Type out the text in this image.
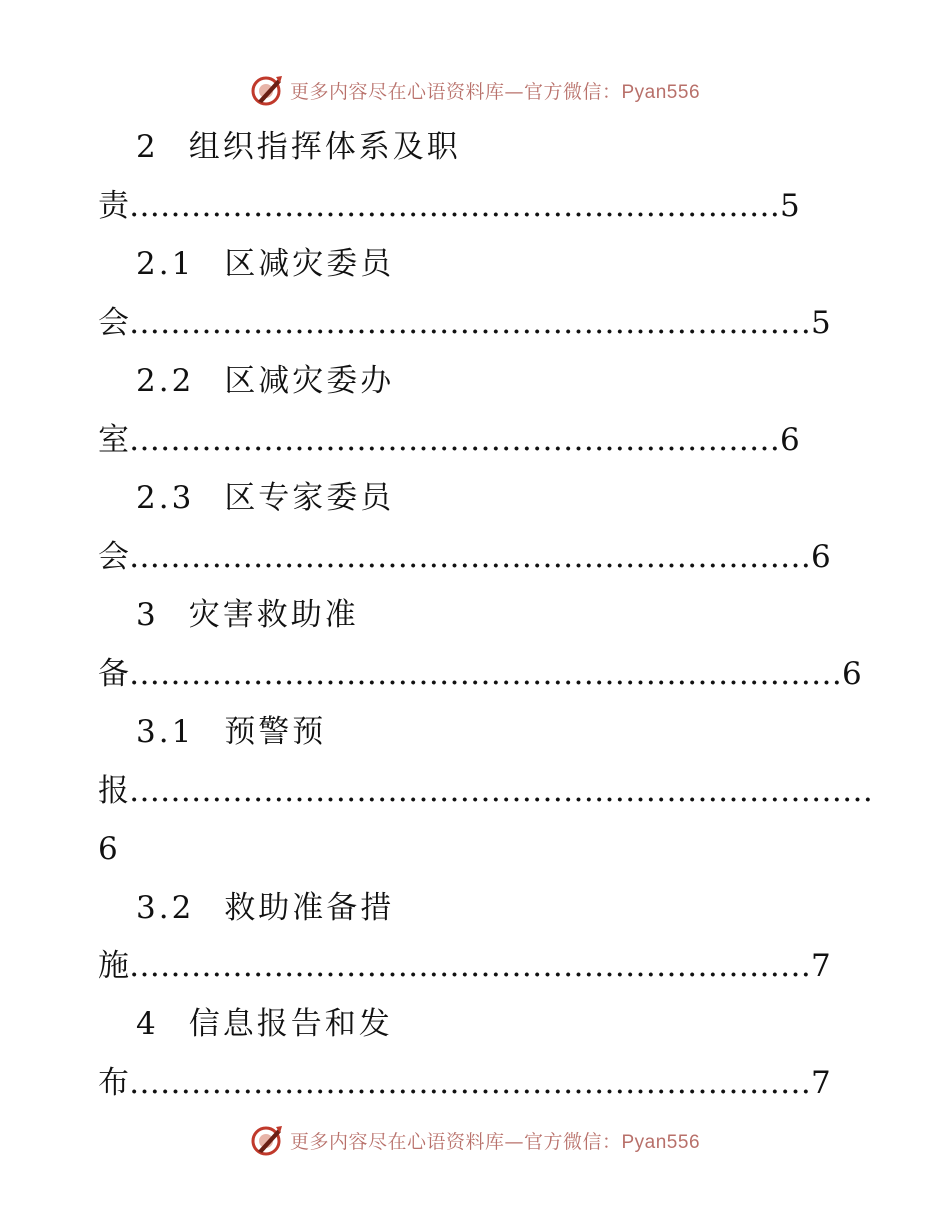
更多内容尽在心语资料库—官方微信：Pyan556
2 组织指挥体系及职
责………………………………………………………5
2.1 区减灾委员
会…………………………………………………………5
2.2 区减灾委办
室………………………………………………………6
2.3 区专家委员
会…………………………………………………………6
3 灾害救助准
备……………………………………………………………6
3.1 预警预
报………………………………………………………………
6
3.2 救助准备措
施…………………………………………………………7
4 信息报告和发
布…………………………………………………………7
更多内容尽在心语资料库—官方微信：Pyan556
